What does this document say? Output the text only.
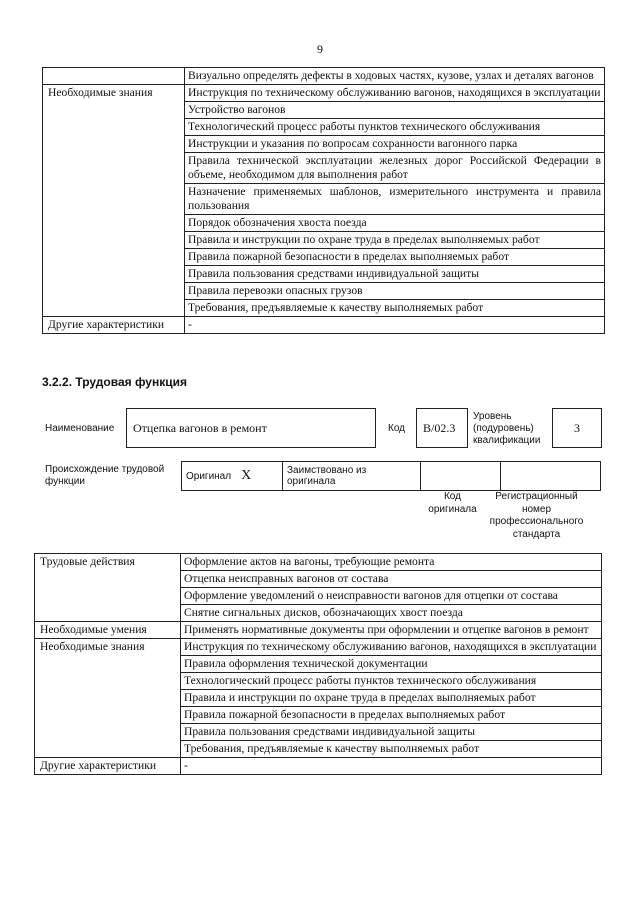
9
	Визуально определять дефекты в ходовых частях, кузове, узлах и деталях вагонов
Необходимые знания	Инструкция по техническому обслуживанию вагонов, находящихся в эксплуатации
	Устройство вагонов
	Технологический процесс работы пунктов технического обслуживания
	Инструкции и указания по вопросам сохранности вагонного парка
	Правила технической эксплуатации железных дорог Российской Федерации в объеме, необходимом для выполнения работ
	Назначение применяемых шаблонов, измерительного инструмента и правила пользования
	Порядок обозначения хвоста поезда
	Правила и инструкции по охране труда в пределах выполняемых работ
	Правила пожарной безопасности в пределах выполняемых работ
	Правила пользования средствами индивидуальной защиты
	Правила перевозки опасных грузов
	Требования, предъявляемые к качеству выполняемых работ
Другие характеристики	-
3.2.2. Трудовая функция
Наименование Отцепка вагонов в ремонт	Код В/02.3
Уровень (подуровень) квалификации
3
Происхождение трудовой функции	Оригинал X	Заимствовано из оригинала		
Код оригинала
Регистрационный номер профессионального стандарта
Трудовые действия	Оформление актов на вагоны, требующие ремонта
	Отцепка неисправных вагонов от состава
	Оформление уведомлений о неисправности вагонов для отцепки от состава
	Снятие сигнальных дисков, обозначающих хвост поезда
Необходимые умения	Применять нормативные документы при оформлении и отцепке вагонов в ремонт
Необходимые знания	Инструкция по техническому обслуживанию вагонов, находящихся в эксплуатации
	Правила оформления технической документации
	Технологический процесс работы пунктов технического обслуживания
	Правила и инструкции по охране труда в пределах выполняемых работ
	Правила пожарной безопасности в пределах выполняемых работ
	Правила пользования средствами индивидуальной защиты
	Требования, предъявляемые к качеству выполняемых работ
Другие характеристики	-
